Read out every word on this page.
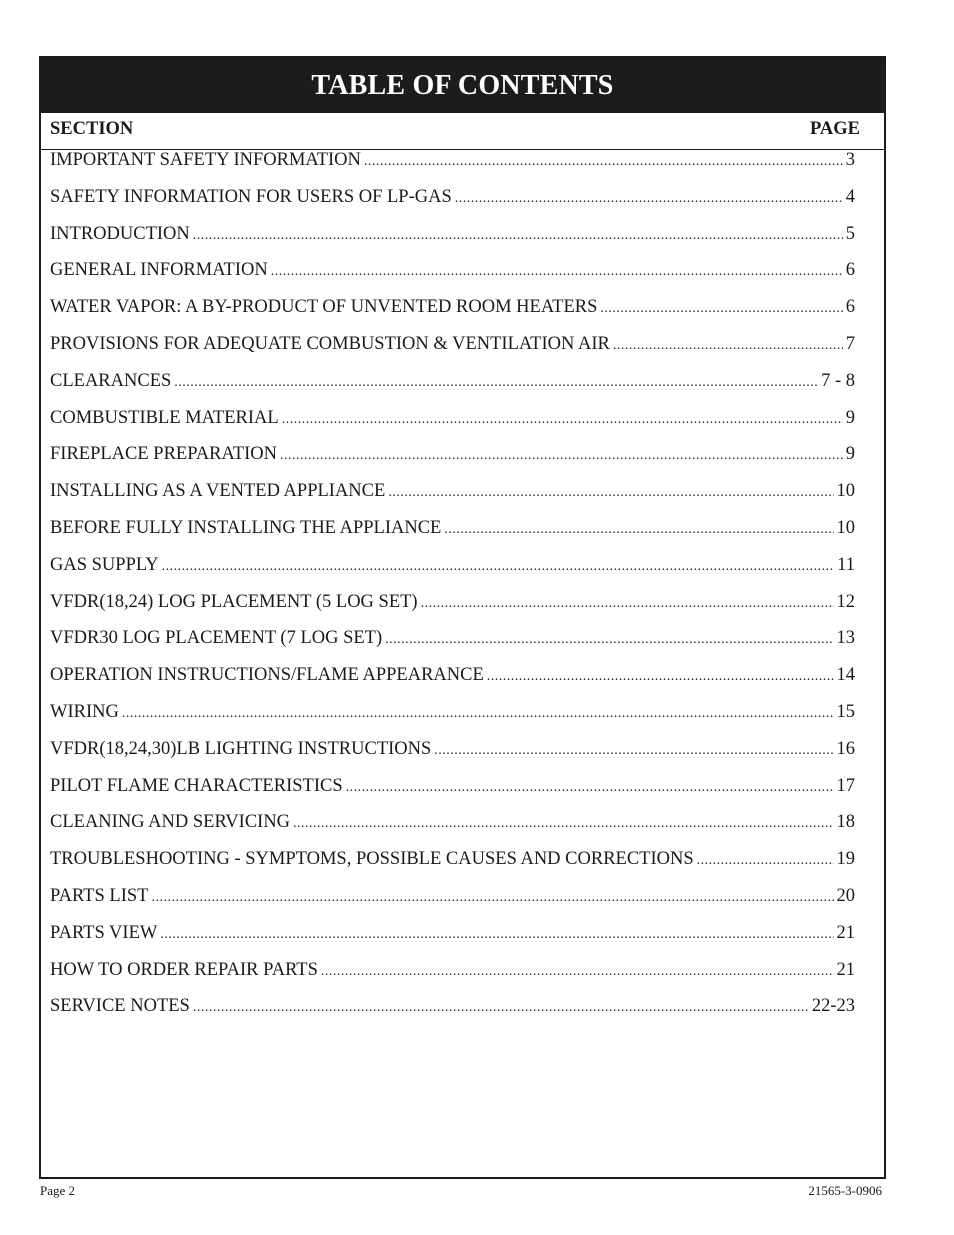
TABLE OF CONTENTS
SECTION	PAGE
IMPORTANT SAFETY INFORMATION .....	3
SAFETY INFORMATION FOR USERS OF LP-GAS .....	4
INTRODUCTION .....	5
GENERAL INFORMATION .....	6
WATER VAPOR: A BY-PRODUCT OF UNVENTED ROOM HEATERS .....	6
PROVISIONS FOR ADEQUATE COMBUSTION & VENTILATION AIR .....	7
CLEARANCES .....	7 - 8
COMBUSTIBLE MATERIAL .....	9
FIREPLACE PREPARATION .....	9
INSTALLING AS A VENTED APPLIANCE .....	10
BEFORE FULLY INSTALLING THE APPLIANCE .....	10
GAS SUPPLY .....	11
VFDR(18,24) LOG PLACEMENT (5 LOG SET) .....	12
VFDR30 LOG PLACEMENT (7 LOG SET) .....	13
OPERATION INSTRUCTIONS/FLAME APPEARANCE .....	14
WIRING .....	15
VFDR(18,24,30)LB LIGHTING INSTRUCTIONS .....	16
PILOT FLAME CHARACTERISTICS .....	17
CLEANING AND SERVICING .....	18
TROUBLESHOOTING - SYMPTOMS, POSSIBLE CAUSES AND CORRECTIONS .....	19
PARTS LIST .....	20
PARTS VIEW .....	21
HOW TO ORDER REPAIR PARTS .....	21
SERVICE NOTES .....	22-23
Page 2	21565-3-0906
